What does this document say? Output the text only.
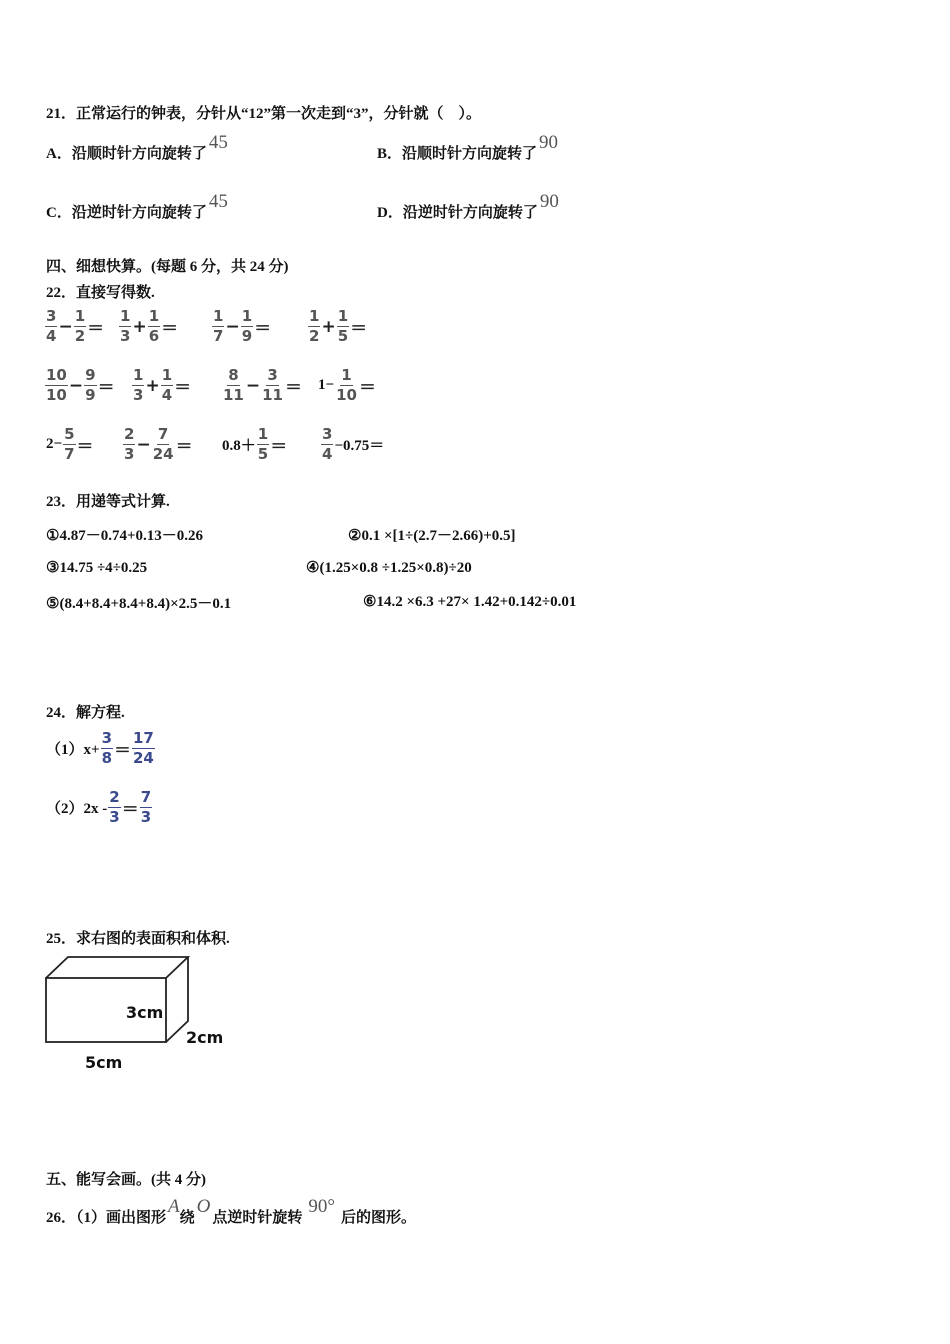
21．正常运行的钟表，分针从“12”第一次走到“3”，分针就（　）。
A．沿顺时针方向旋转了45
B．沿顺时针方向旋转了90
C．沿逆时针方向旋转了45
D．沿逆时针方向旋转了90
四、细想快算。(每题 6 分，共 24 分)
22．直接写得数.
$\frac{3}{4} - \frac{1}{2} = \frac{1}{3} + \frac{1}{6} = \frac{1}{7} - \frac{1}{9} = \frac{1}{2} + \frac{1}{5}$ ＝
$\frac{10}{10} - \frac{9}{9} = \frac{1}{3} + \frac{1}{4} = \frac{8}{11} - \frac{3}{11} = 1- \frac{1}{10}$ ＝
$2- \frac{5}{7} = \frac{2}{3} - \frac{7}{24} = 0.8+ \frac{1}{5} = \frac{3}{4} -0.75=$
23．用递等式计算.
①4.87－0.74+0.13－0.26	②0.1 ×[1÷(2.7－2.66)+0.5]
③14.75 ÷4÷0.25	④(1.25×0.8 ÷1.25×0.8)÷20
⑤(8.4+8.4+8.4+8.4)×2.5－0.1	⑥14.2 ×6.3 +27× 1.42+0.142÷0.01
24．解方程.
$(1)x+ \frac{3}{8} = \frac{17}{24}$
$(2)2x - \frac{2}{3} = \frac{7}{3}$
25．求右图的表面积和体积.
3cm
2cm
5cm
五、能写会画。(共 4 分)
26．（1）画出图形A绕O点逆时针旋转90°后的图形。
